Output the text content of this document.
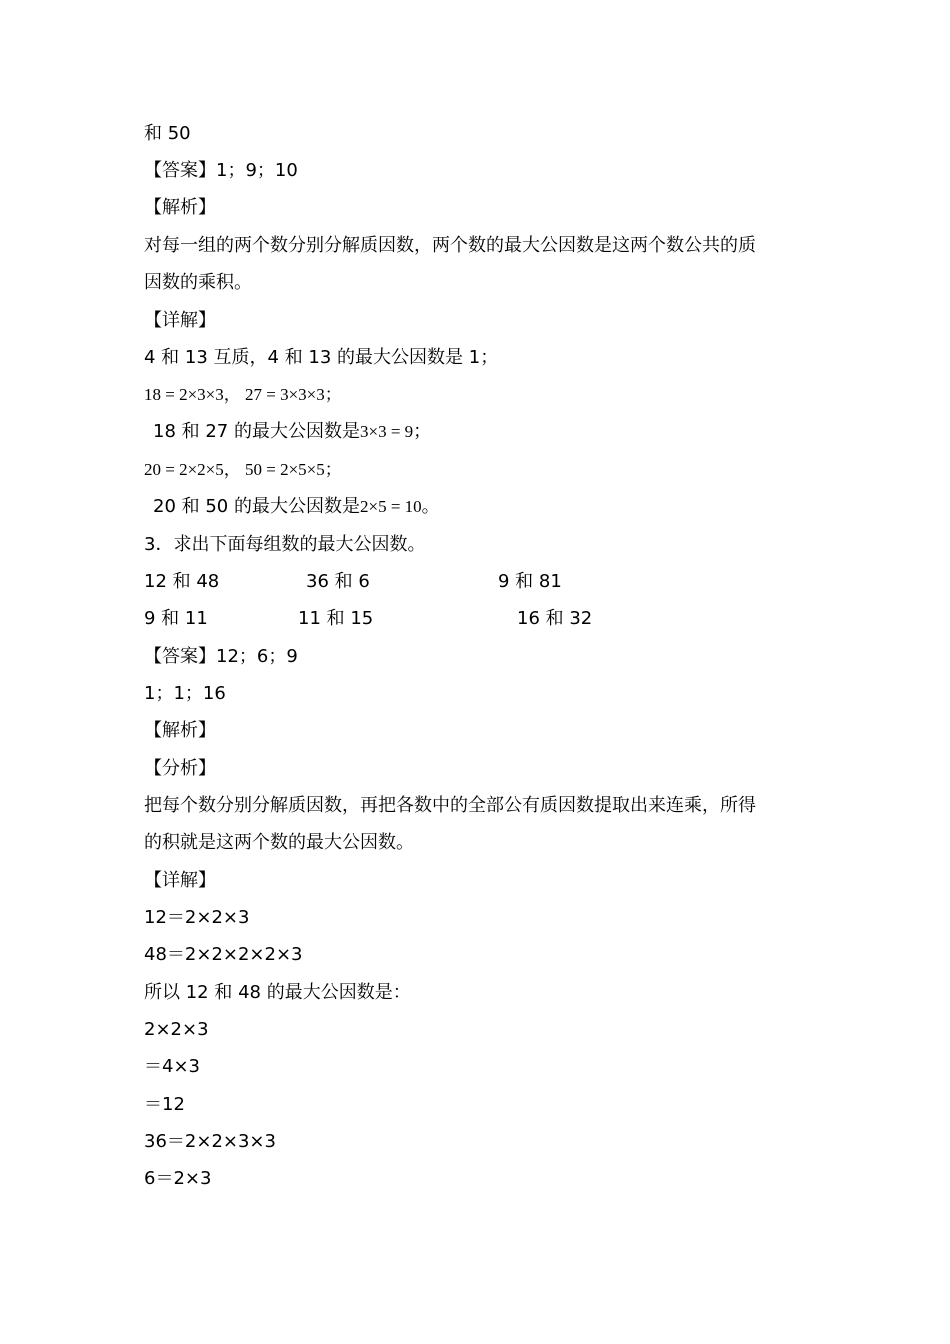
和 50
【答案】1；9；10
【解析】
对每一组的两个数分别分解质因数，两个数的最大公因数是这两个数公共的质
因数的乘积。
【详解】
4 和 13 互质，4 和 13 的最大公因数是 1；
18 = 2×3×3， 27 = 3×3×3；
18 和 27 的最大公因数是3×3 = 9；
20 = 2×2×5， 50 = 2×5×5；
20 和 50 的最大公因数是2×5 = 10。
3．求出下面每组数的最大公因数。
12 和 48	36 和 6	9 和 81
9 和 11	11 和 15	16 和 32
【答案】12；6；9
1；1；16
【解析】
【分析】
把每个数分别分解质因数，再把各数中的全部公有质因数提取出来连乘，所得
的积就是这两个数的最大公因数。
【详解】
12＝2×2×3
48＝2×2×2×2×3
所以 12 和 48 的最大公因数是：
2×2×3
＝4×3
＝12
36＝2×2×3×3
6＝2×3
